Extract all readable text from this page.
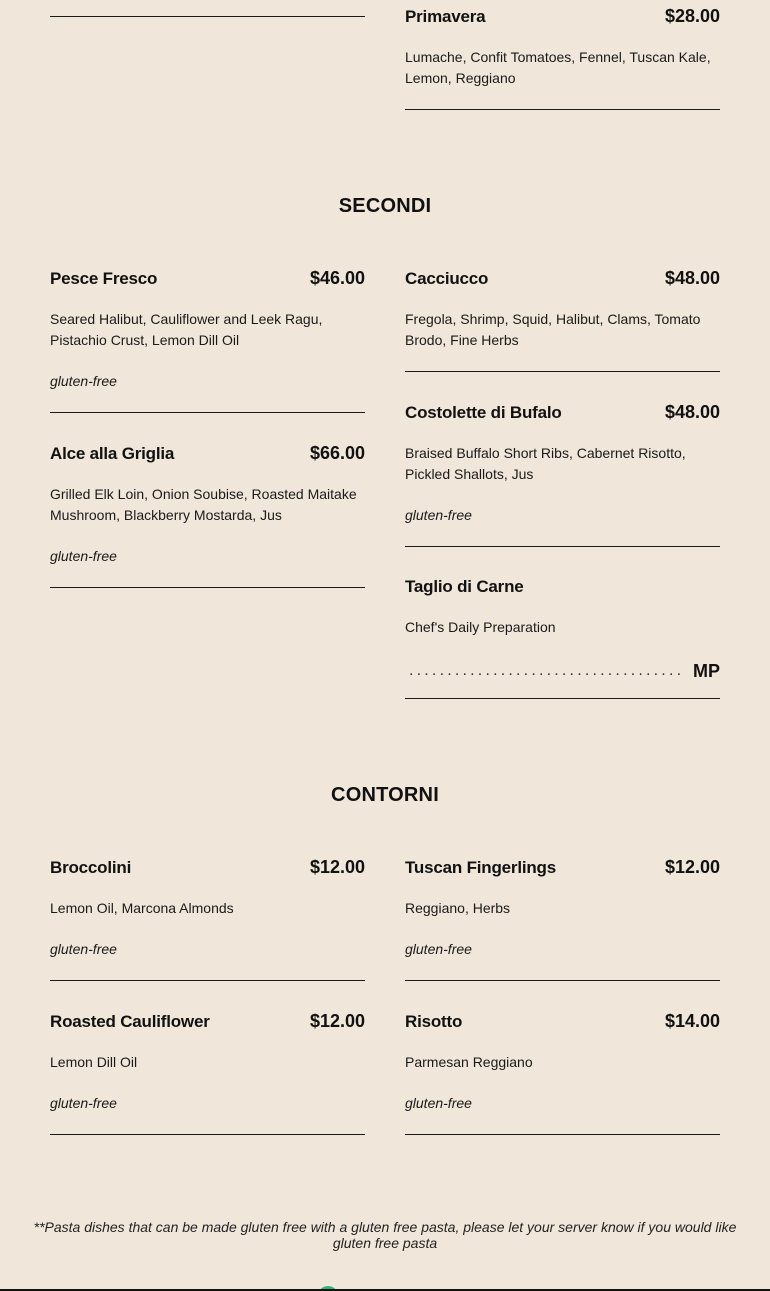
Primavera	$28.00
Lumache, Confit Tomatoes, Fennel, Tuscan Kale, Lemon, Reggiano
SECONDI
Pesce Fresco	$46.00
Seared Halibut, Cauliflower and Leek Ragu, Pistachio Crust, Lemon Dill Oil
gluten-free
Alce alla Griglia	$66.00
Grilled Elk Loin, Onion Soubise, Roasted Maitake Mushroom, Blackberry Mostarda, Jus
gluten-free
Cacciucco	$48.00
Fregola, Shrimp, Squid, Halibut, Clams, Tomato Brodo, Fine Herbs
Costolette di Bufalo	$48.00
Braised Buffalo Short Ribs, Cabernet Risotto, Pickled Shallots, Jus
gluten-free
Taglio di Carne
Chef's Daily Preparation
.................................... MP
CONTORNI
Broccolini	$12.00
Lemon Oil, Marcona Almonds
gluten-free
Tuscan Fingerlings	$12.00
Reggiano, Herbs
gluten-free
Roasted Cauliflower	$12.00
Lemon Dill Oil
gluten-free
Risotto	$14.00
Parmesan Reggiano
gluten-free
**Pasta dishes that can be made gluten free with a gluten free pasta, please let your server know if you would like gluten free pasta
